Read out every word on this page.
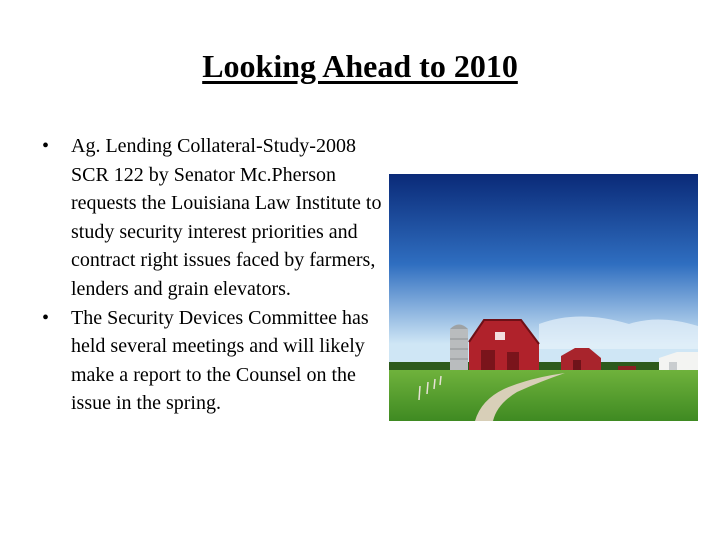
Looking Ahead to 2010
• Ag. Lending Collateral-Study-2008 SCR 122 by Senator Mc.Pherson requests the Louisiana Law Institute to study security interest priorities and contract right issues faced by farmers, lenders and grain elevators.
• The Security Devices Committee has held several meetings and will likely make a report to the Counsel on the issue in the spring.
